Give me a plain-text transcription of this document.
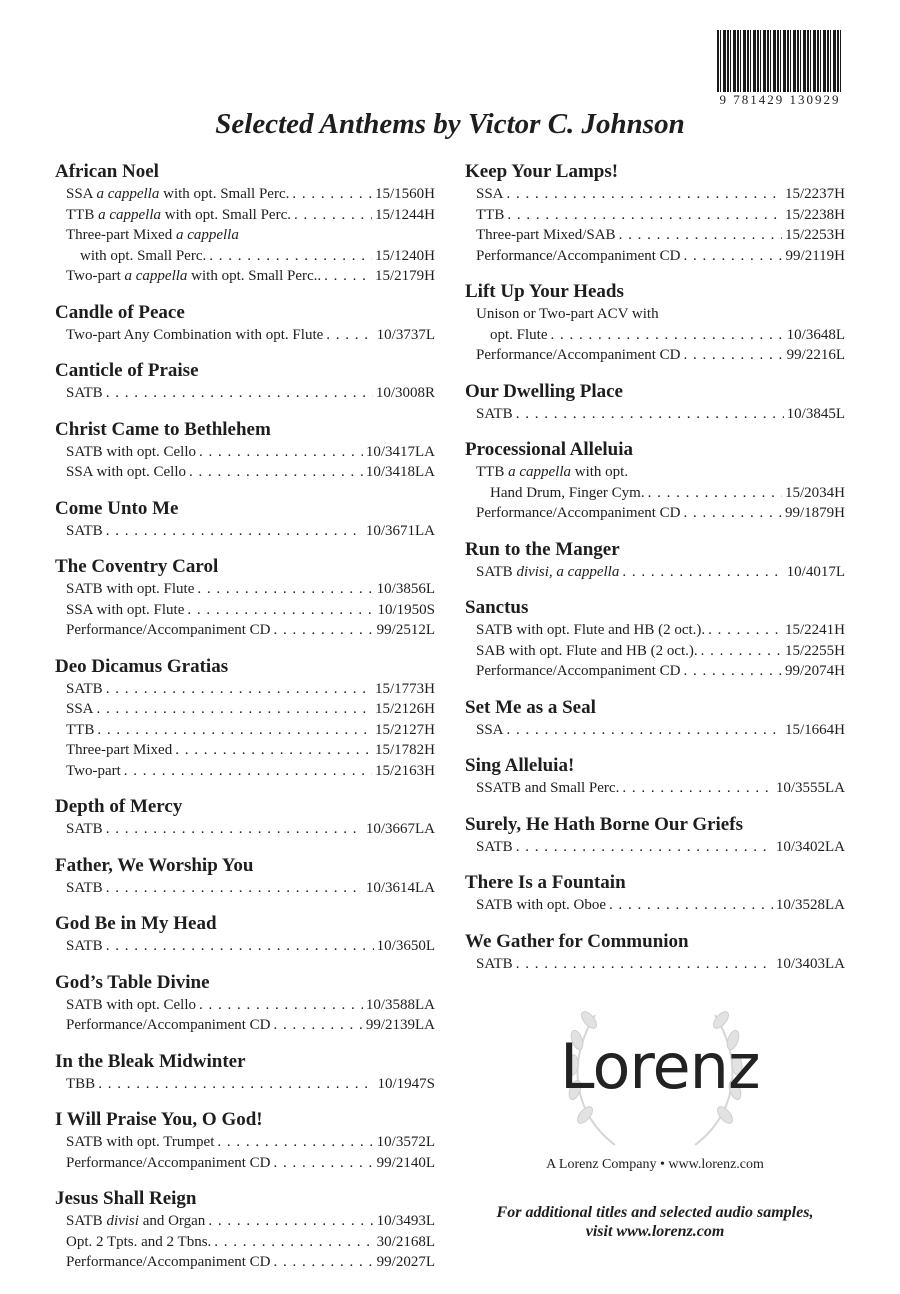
9 781429 130929
Selected Anthems by Victor C. Johnson
African Noel
SSA a cappella with opt. Small Perc. . . .	15/1560H
TTB a cappella with opt. Small Perc. . . .	15/1244H
Three-part Mixed a cappella
with opt. Small Perc. . . .	15/1240H
Two-part a cappella with opt. Small Perc.. . . .	15/2179H
Candle of Peace
Two-part Any Combination with opt. Flute . . .	10/3737L
Canticle of Praise
SATB . . .	10/3008R
Christ Came to Bethlehem
SATB with opt. Cello . . .	10/3417LA
SSA with opt. Cello . . .	10/3418LA
Come Unto Me
SATB . . .	10/3671LA
The Coventry Carol
SATB with opt. Flute . . .	10/3856L
SSA with opt. Flute . . .	10/1950S
Performance/Accompaniment CD . . .	99/2512L
Deo Dicamus Gratias
SATB . . .	15/1773H
SSA . . .	15/2126H
TTB . . .	15/2127H
Three-part Mixed . . .	15/1782H
Two-part . . .	15/2163H
Depth of Mercy
SATB . . .	10/3667LA
Father, We Worship You
SATB . . .	10/3614LA
God Be in My Head
SATB . . .	10/3650L
God’s Table Divine
SATB with opt. Cello . . .	10/3588LA
Performance/Accompaniment CD . . .	99/2139LA
In the Bleak Midwinter
TBB . . .	10/1947S
I Will Praise You, O God!
SATB with opt. Trumpet . . .	10/3572L
Performance/Accompaniment CD . . .	99/2140L
Jesus Shall Reign
SATB divisi and Organ . . .	10/3493L
Opt. 2 Tpts. and 2 Tbns. . . .	30/2168L
Performance/Accompaniment CD . . .	99/2027L
Keep Your Lamps!
SSA . . .	15/2237H
TTB . . .	15/2238H
Three-part Mixed/SAB . . .	15/2253H
Performance/Accompaniment CD . . .	99/2119H
Lift Up Your Heads
Unison or Two-part ACV with
opt. Flute . . .	10/3648L
Performance/Accompaniment CD . . .	99/2216L
Our Dwelling Place
SATB . . .	10/3845L
Processional Alleluia
TTB a cappella with opt.
Hand Drum, Finger Cym. . . .	15/2034H
Performance/Accompaniment CD . . .	99/1879H
Run to the Manger
SATB divisi, a cappella . . .	10/4017L
Sanctus
SATB with opt. Flute and HB (2 oct.). . . .	15/2241H
SAB with opt. Flute and HB (2 oct.). . . .	15/2255H
Performance/Accompaniment CD . . .	99/2074H
Set Me as a Seal
SSA . . .	15/1664H
Sing Alleluia!
SSATB and Small Perc. . . .	10/3555LA
Surely, He Hath Borne Our Griefs
SATB . . .	10/3402LA
There Is a Fountain
SATB with opt. Oboe . . .	10/3528LA
We Gather for Communion
SATB . . .	10/3403LA
Lorenz
A Lorenz Company • www.lorenz.com
For additional titles and selected audio samples,
visit www.lorenz.com
